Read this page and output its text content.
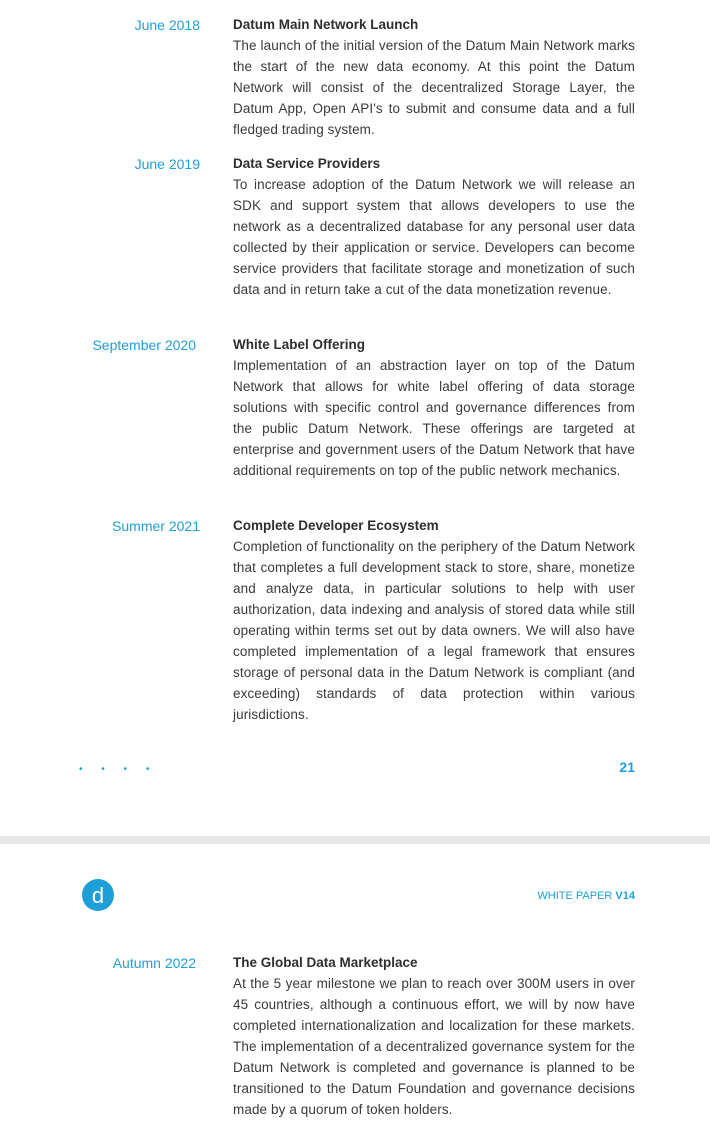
June 2018 Datum Main Network Launch
The launch of the initial version of the Datum Main Network marks the start of the new data economy. At this point the Datum Network will consist of the decentralized Storage Layer, the Datum App, Open API's to submit and consume data and a full fledged trading system.
June 2019 Data Service Providers
To increase adoption of the Datum Network we will release an SDK and support system that allows developers to use the network as a decentralized database for any personal user data collected by their application or service. Developers can become service providers that facilitate storage and monetization of such data and in return take a cut of the data monetization revenue.
September 2020	White Label Offering
Implementation of an abstraction layer on top of the Datum Network that allows for white label offering of data storage solutions with specific control and governance differences from the public Datum Network. These offerings are targeted at enterprise and government users of the Datum Network that have additional requirements on top of the public network mechanics.
Summer 2021 Complete Developer Ecosystem
Completion of functionality on the periphery of the Datum Network that completes a full development stack to store, share, monetize and analyze data, in particular solutions to help with user authorization, data indexing and analysis of stored data while still operating within terms set out by data owners. We will also have completed implementation of a legal framework that ensures storage of personal data in the Datum Network is compliant (and exceeding) standards of data protection within various jurisdictions.
• • • •	21
d	WHITE PAPER V14
Autumn 2022	The Global Data Marketplace
At the 5 year milestone we plan to reach over 300M users in over 45 countries, although a continuous effort, we will by now have completed internationalization and localization for these markets. The implementation of a decentralized governance system for the Datum Network is completed and governance is planned to be transitioned to the Datum Foundation and governance decisions made by a quorum of token holders.
